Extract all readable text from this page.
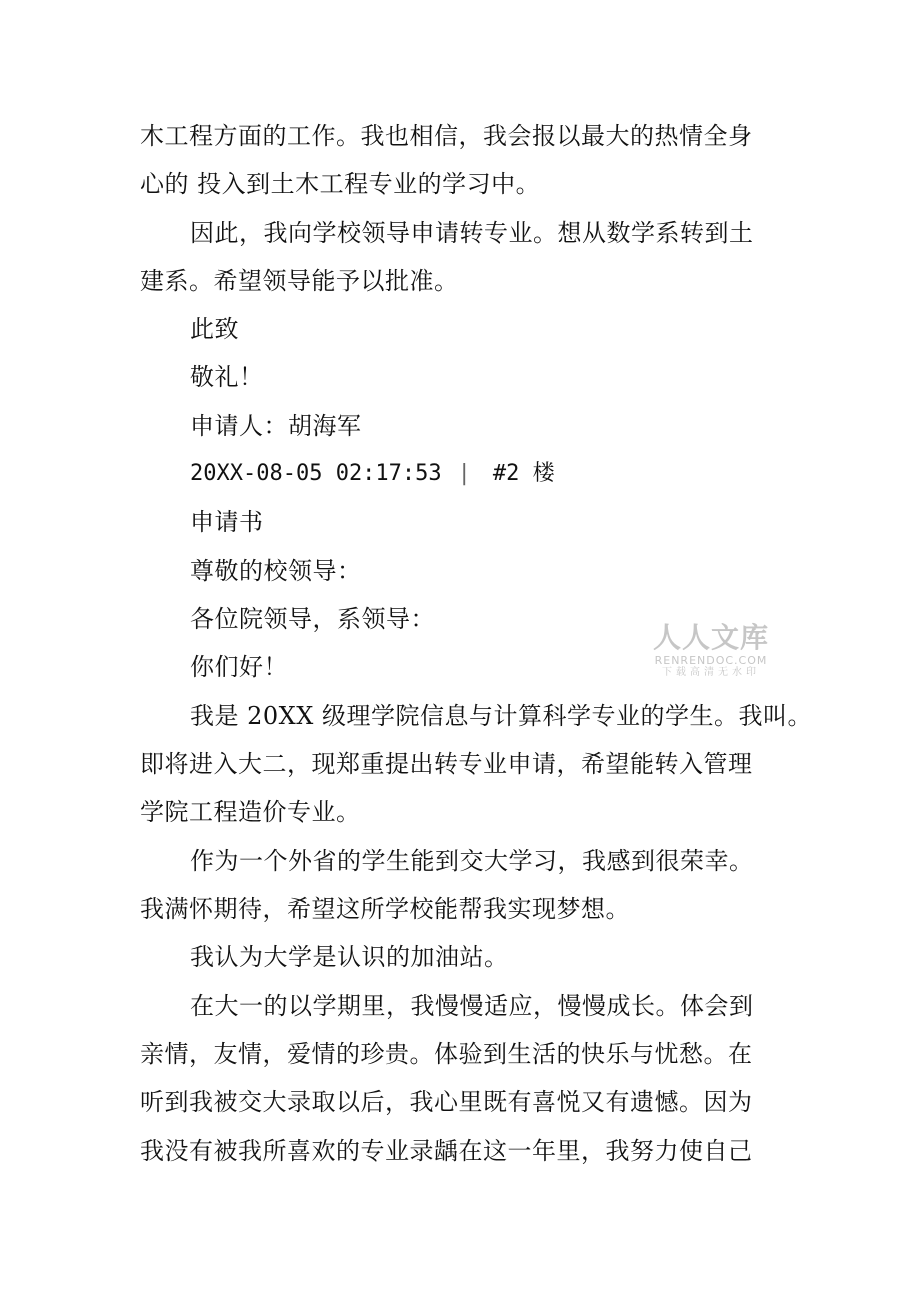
木工程方面的工作。我也相信，我会报以最大的热情全身
心的 投入到土木工程专业的学习中。
因此，我向学校领导申请转专业。想从数学系转到土
建系。希望领导能予以批准。
此致
敬礼！
申请人：胡海军
20XX-08-05 02:17:53 | #2 楼
申请书
尊敬的校领导：
各位院领导，系领导：
你们好！
我是 20XX 级理学院信息与计算科学专业的学生。我叫。
即将进入大二，现郑重提出转专业申请，希望能转入管理
学院工程造价专业。
作为一个外省的学生能到交大学习，我感到很荣幸。
我满怀期待，希望这所学校能帮我实现梦想。
我认为大学是认识的加油站。
在大一的以学期里，我慢慢适应，慢慢成长。体会到
亲情，友情，爱情的珍贵。体验到生活的快乐与忧愁。在
听到我被交大录取以后，我心里既有喜悦又有遗憾。因为
我没有被我所喜欢的专业录龋在这一年里，我努力使自己
人人文库
RENRENDOC.COM
下载高清无水印
